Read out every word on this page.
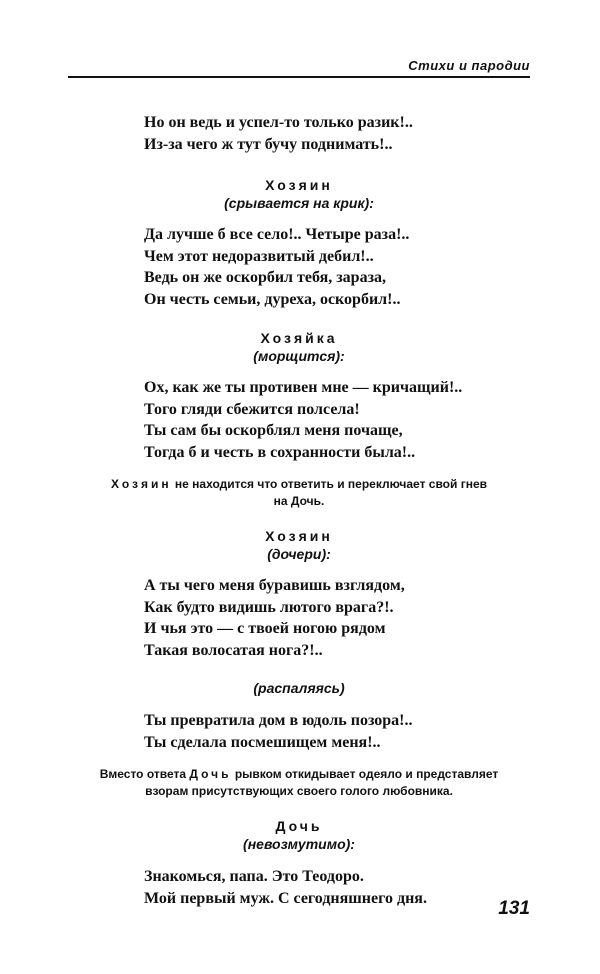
Стихи и пародии
Но он ведь и успел-то только разик!..
Из-за чего ж тут бучу поднимать!..
Хозяин
(срывается на крик):
Да лучше б все село!.. Четыре раза!..
Чем этот недоразвитый дебил!..
Ведь он же оскорбил тебя, зараза,
Он честь семьи, дуреха, оскорбил!..
Хозяйка
(морщится):
Ох, как же ты противен мне — кричащий!..
Того гляди сбежится полсела!
Ты сам бы оскорблял меня почаще,
Тогда б и честь в сохранности была!..
Хозяин не находится что ответить и переключает свой гнев
на Дочь.
Хозяин
(дочери):
А ты чего меня буравишь взглядом,
Как будто видишь лютого врага?!.
И чья это — с твоей ногою рядом
Такая волосатая нога?!..
(распаляясь)
Ты превратила дом в юдоль позора!..
Ты сделала посмешищем меня!..
Вместо ответа Дочь рывком откидывает одеяло и представляет
взорам присутствующих своего голого любовника.
Дочь
(невозмутимо):
Знакомься, папа. Это Теодоро.
Мой первый муж. С сегодняшнего дня.	131
